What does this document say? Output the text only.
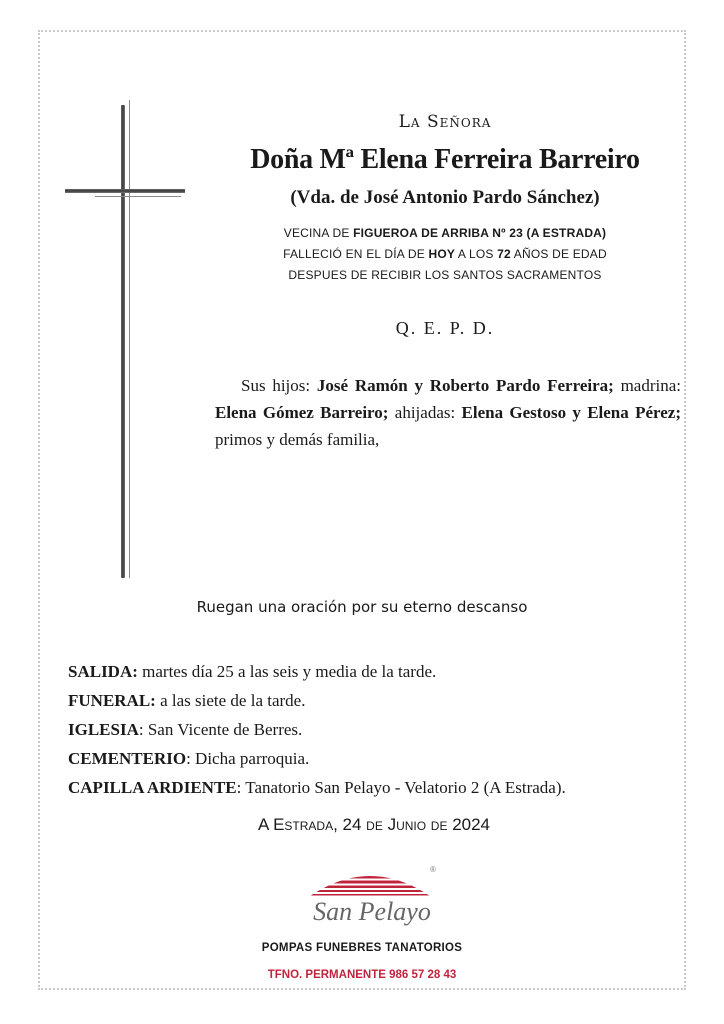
La Señora
Doña Mª Elena Ferreira Barreiro
(Vda. de José Antonio Pardo Sánchez)
VECINA DE FIGUEROA DE ARRIBA Nº 23 (A ESTRADA)
FALLECIÓ EN EL DÍA DE HOY A LOS 72 AÑOS DE EDAD
DESPUES DE RECIBIR LOS SANTOS SACRAMENTOS
Q. E. P. D.
Sus hijos: José Ramón y Roberto Pardo Ferreira; madrina: Elena Gómez Barreiro; ahijadas: Elena Gestoso y Elena Pérez; primos y demás familia,
Ruegan una oración por su eterno descanso
SALIDA: martes día 25 a las seis y media de la tarde.
FUNERAL: a las siete de la tarde.
IGLESIA: San Vicente de Berres.
CEMENTERIO: Dicha parroquia.
CAPILLA ARDIENTE: Tanatorio San Pelayo - Velatorio 2 (A Estrada).
A Estrada, 24 de Junio de 2024
®
San Pelayo
POMPAS FUNEBRES TANATORIOS
TFNO. PERMANENTE 986 57 28 43
